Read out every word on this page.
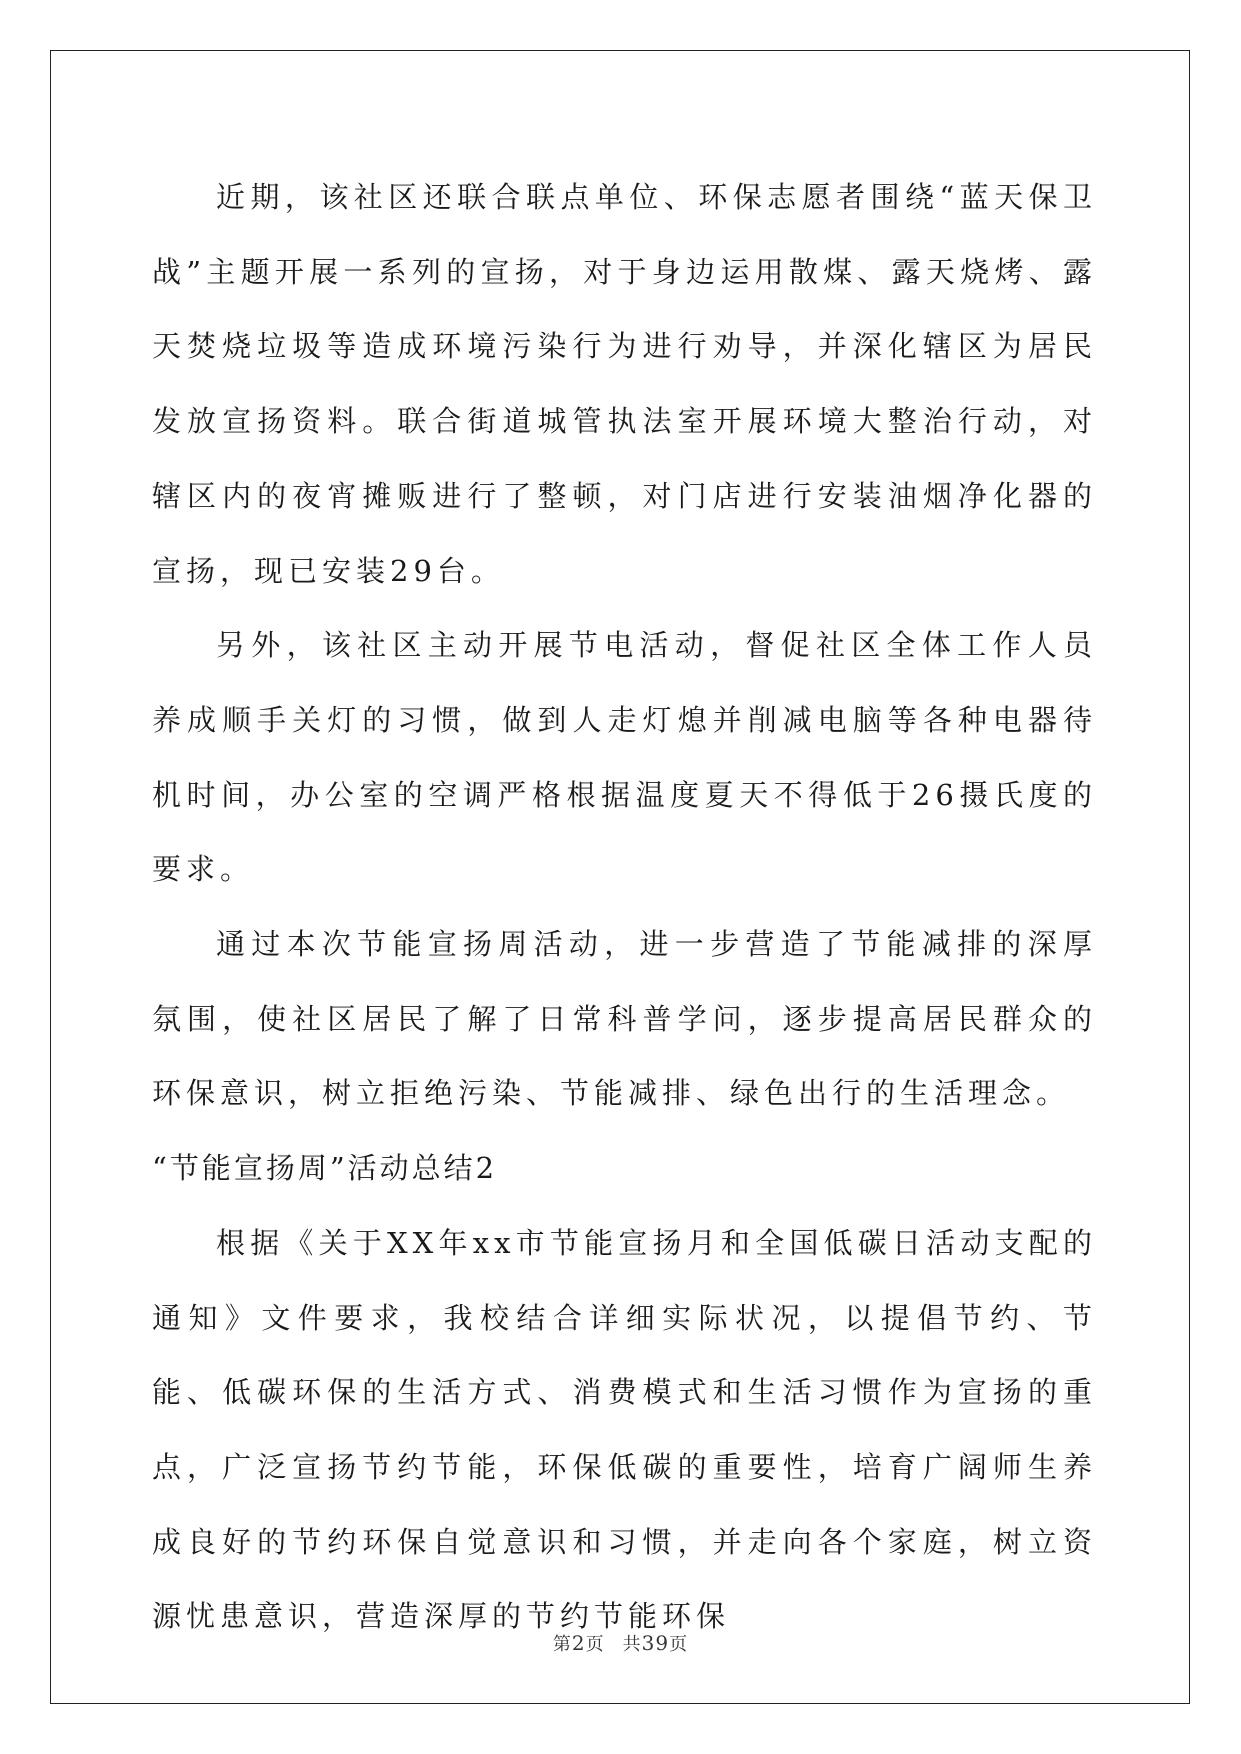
近期，该社区还联合联点单位、环保志愿者围绕“蓝天保卫战”主题开展一系列的宣扬，对于身边运用散煤、露天烧烤、露天焚烧垃圾等造成环境污染行为进行劝导，并深化辖区为居民发放宣扬资料。联合街道城管执法室开展环境大整治行动，对辖区内的夜宵摊贩进行了整顿，对门店进行安装油烟净化器的宣扬，现已安装29台。

另外，该社区主动开展节电活动，督促社区全体工作人员养成顺手关灯的习惯，做到人走灯熄并削减电脑等各种电器待机时间，办公室的空调严格根据温度夏天不得低于26摄氏度的要求。

通过本次节能宣扬周活动，进一步营造了节能减排的深厚氛围，使社区居民了解了日常科普学问，逐步提高居民群众的环保意识，树立拒绝污染、节能减排、绿色出行的生活理念。

“节能宣扬周”活动总结2

根据《关于XX年xx市节能宣扬月和全国低碳日活动支配的通知》文件要求，我校结合详细实际状况，以提倡节约、节能、低碳环保的生活方式、消费模式和生活习惯作为宣扬的重点，广泛宣扬节约节能，环保低碳的重要性，培育广阔师生养成良好的节约环保自觉意识和习惯，并走向各个家庭，树立资源忧患意识，营造深厚的节约节能环保

第2页 共39页
